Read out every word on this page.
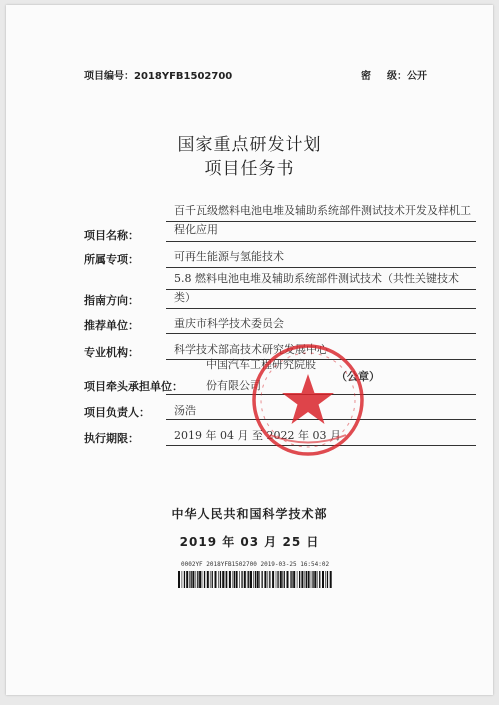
项目编号：2018YFB1502700	密 级：公开
国家重点研发计划
项目任务书
项目名称：
百千瓦级燃料电池电堆及辅助系统部件测试技术开发及样机工程化应用
所属专项：	可再生能源与氢能技术
指南方向：
5.8 燃料电池电堆及辅助系统部件测试技术（共性关键技术类）
推荐单位：	重庆市科学技术委员会
专业机构：	科学技术部高技术研究发展中心
项目牵头承担单位：
中国汽车工程研究院股
份有限公司
（公章）
项目负责人： 汤浩
执行期限：	2019 年 04 月 至 2022 年 03 月
中华人民共和国科学技术部
2019 年 03 月 25 日
0002YF 2018YFB1502700 2019-03-25 16:54:02
